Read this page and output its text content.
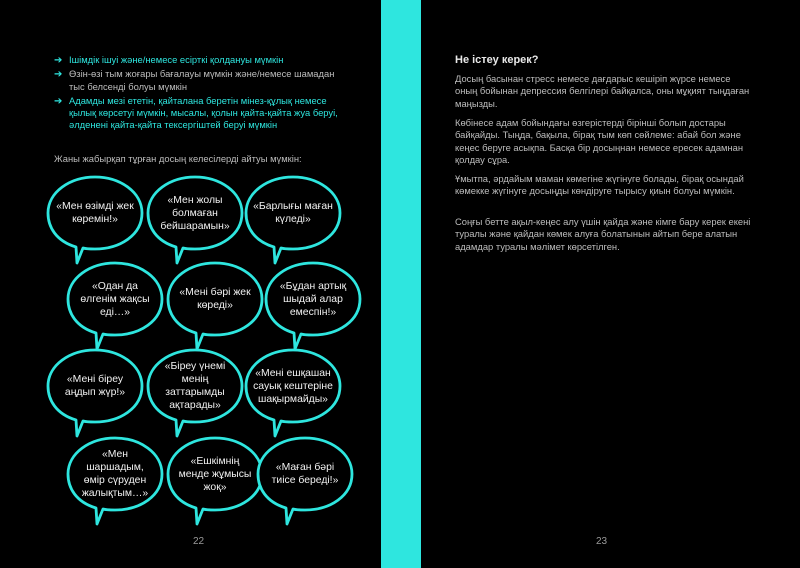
➔ Ішімдік ішуі және/немесе есірткі қолдануы мүмкін
➔ Өзін-өзі тым жоғары бағалауы мүмкін және/немесе шамадан тыс белсенді болуы мүмкін
➔ Адамды мезі ететін, қайталана беретін мінез-құлық немесе қылық көрсетуі мүмкін, мысалы, қолын қайта-қайта жуа беруі, әлденені қайта-қайта тексергіштей беруі мүмкін
Жаны жабырқап тұрған досың келесілерді айтуы мүмкін:
«Мен өзімді жек көремін!»
«Мен жолы болмаған бейшарамын»
«Барлығы маған күледі»
«Одан да өлгенім жақсы еді…»
«Мені бәрі жек көреді»
«Бұдан артық шыдай алар емеспін!»
«Мені біреу аңдып жүр!»
«Біреу үнемі менің заттарымды ақтарады»
«Мені ешқашан сауық кештеріне шақырмайды»
«Мен шаршадым, өмір сүруден жалықтым…»
«Ешкімнің менде жұмысы жоқ»
«Маған бәрі тиісе береді!»
22
Не істеу керек?

Досың басынан стресс немесе дағдарыс кешіріп жүрсе немесе оның бойынан депрессия белгілері байқалса, оны мұқият тыңдаған маңызды.

Көбінесе адам бойындағы өзгерістерді бірінші болып достары байқайды. Тыңда, бақыла, бірақ тым көп сөйлеме: абай бол және кеңес беруге асықпа. Басқа бір досыңнан немесе ересек адамнан қолдау сұра.

Ұмытпа, әрдайым маман көмегіне жүгінуге болады, бірақ осындай көмекке жүгінуге досыңды көндіруге тырысу қиын болуы мүмкін.

Соңғы бетте ақыл-кеңес алу үшін қайда және кімге бару керек екені туралы және қайдан көмек алуға болатынын айтып бере алатын адамдар туралы мәлімет көрсетілген.

23
